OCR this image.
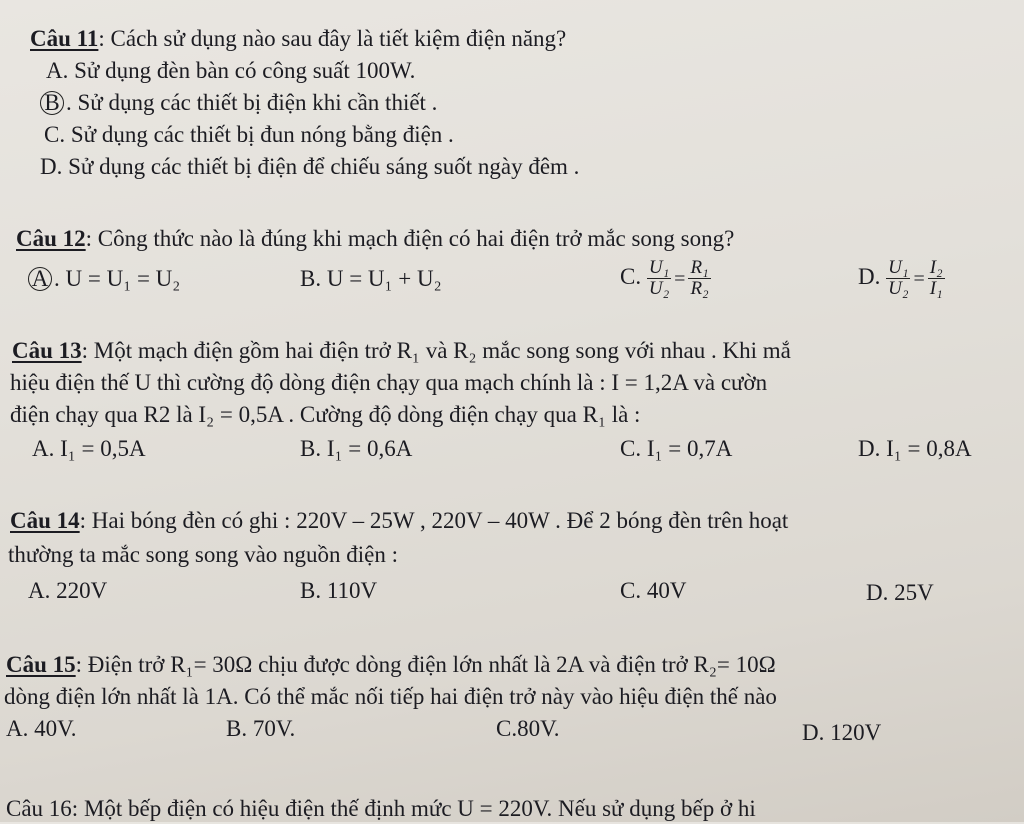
Câu 11: Cách sử dụng nào sau đây là tiết kiệm điện năng?
A. Sử dụng đèn bàn có công suất 100W.
B . Sử dụng các thiết bị điện khi cần thiết .
C. Sử dụng các thiết bị đun nóng bằng điện .
D. Sử dụng các thiết bị điện để chiếu sáng suốt ngày đêm .
Câu 12: Công thức nào là đúng khi mạch điện có hai điện trở mắc song song?
A . U = U₁ = U₂	B. U = U₁ + U₂	C. $\frac{\text{U₁}}{\text{U₂}} = \frac{\text{R₁}}{\text{R₂}}$	D. $\frac{\text{U₁}}{\text{U₂}} = \frac{\text{I₂}}{\text{I₁}}$
Câu 13: Một mạch điện gồm hai điện trở R₁ và R₂ mắc song song với nhau . Khi mắ
hiệu điện thế U thì cường độ dòng điện chạy qua mạch chính là : I = 1,2A và cườn
điện chạy qua R2 là I₂ = 0,5A . Cường độ dòng điện chạy qua R₁ là :
A. I₁ = 0,5A	B. I₁ = 0,6A	C. I₁ = 0,7A	D. I₁ = 0,8A
Câu 14: Hai bóng đèn có ghi : 220V – 25W , 220V – 40W . Để 2 bóng đèn trên hoạt
thường ta mắc song song vào nguồn điện :
A. 220V	B. 110V	C. 40V	D. 25V
Câu 15: Điện trở R₁= 30Ω chịu được dòng điện lớn nhất là 2A và điện trở R₂= 10Ω
dòng điện lớn nhất là 1A. Có thể mắc nối tiếp hai điện trở này vào hiệu điện thế nào
A. 40V.	B. 70V.	C.80V.	D. 120V
Câu 16: Một bếp điện có hiệu điện thế định mức U = 220V. Nếu sử dụng bếp ở hi
